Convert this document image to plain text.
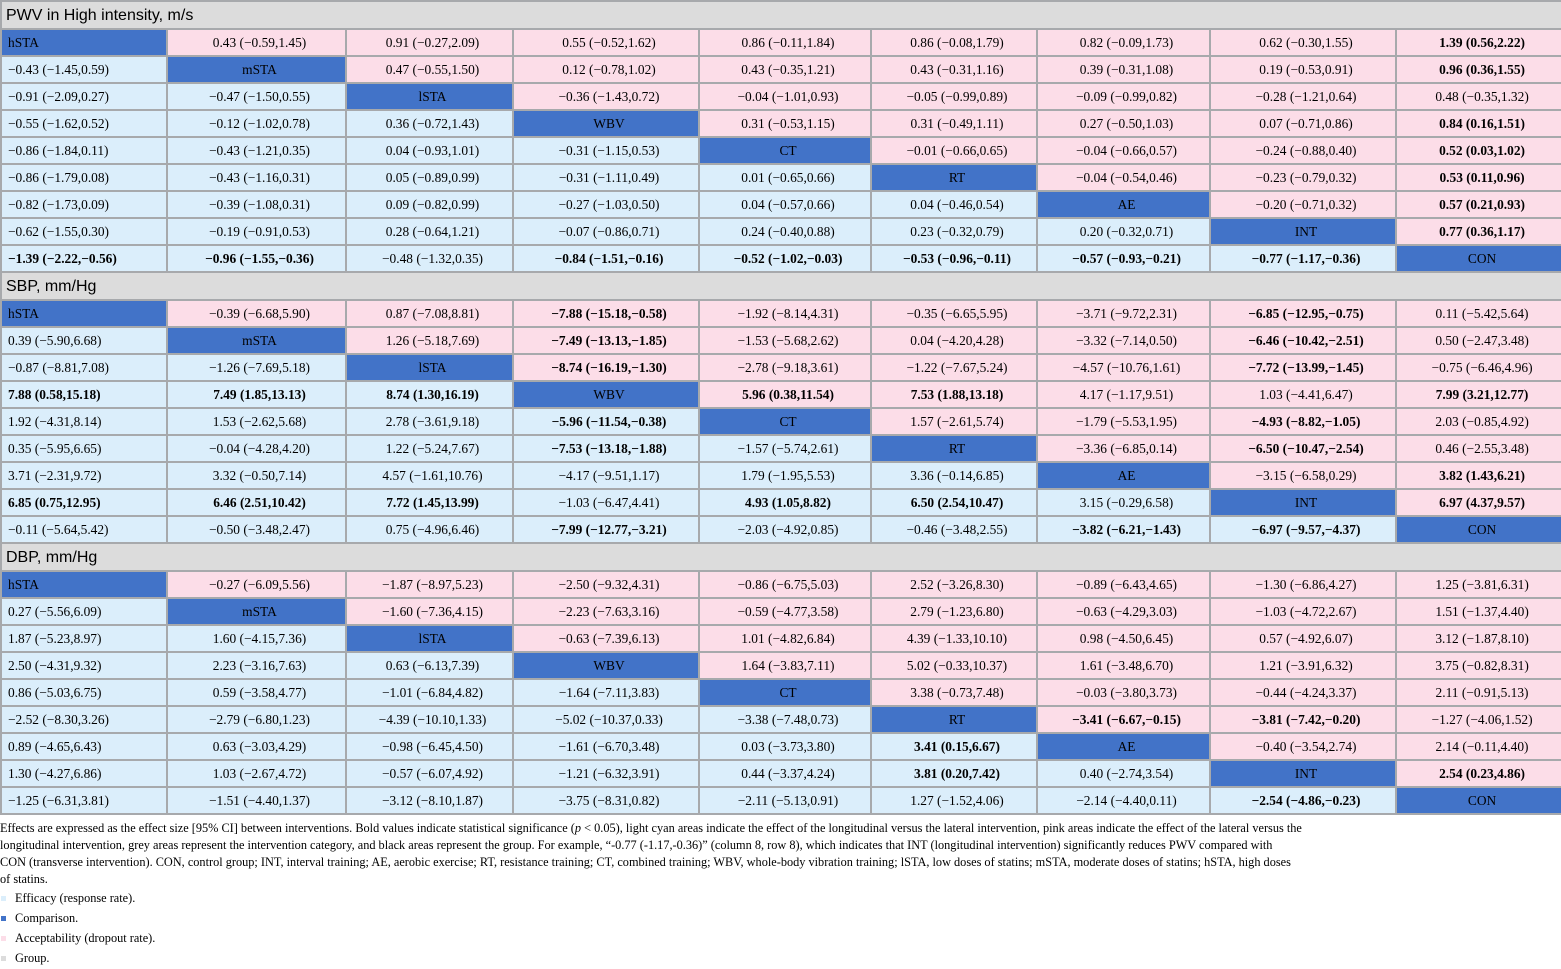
PWV in High intensity, m/s								
hSTA	0.43 (−0.59,1.45)	0.91 (−0.27,2.09)	0.55 (−0.52,1.62)	0.86 (−0.11,1.84)	0.86 (−0.08,1.79)	0.82 (−0.09,1.73)	0.62 (−0.30,1.55)	1.39 (0.56,2.22)
−0.43 (−1.45,0.59)	mSTA	0.47 (−0.55,1.50)	0.12 (−0.78,1.02)	0.43 (−0.35,1.21)	0.43 (−0.31,1.16)	0.39 (−0.31,1.08)	0.19 (−0.53,0.91)	0.96 (0.36,1.55)
−0.91 (−2.09,0.27)	−0.47 (−1.50,0.55)	lSTA	−0.36 (−1.43,0.72)	−0.04 (−1.01,0.93)	−0.05 (−0.99,0.89)	−0.09 (−0.99,0.82)	−0.28 (−1.21,0.64)	0.48 (−0.35,1.32)
−0.55 (−1.62,0.52)	−0.12 (−1.02,0.78)	0.36 (−0.72,1.43)	WBV	0.31 (−0.53,1.15)	0.31 (−0.49,1.11)	0.27 (−0.50,1.03)	0.07 (−0.71,0.86)	0.84 (0.16,1.51)
−0.86 (−1.84,0.11)	−0.43 (−1.21,0.35)	0.04 (−0.93,1.01)	−0.31 (−1.15,0.53)	CT	−0.01 (−0.66,0.65)	−0.04 (−0.66,0.57)	−0.24 (−0.88,0.40)	0.52 (0.03,1.02)
−0.86 (−1.79,0.08)	−0.43 (−1.16,0.31)	0.05 (−0.89,0.99)	−0.31 (−1.11,0.49)	0.01 (−0.65,0.66)	RT	−0.04 (−0.54,0.46)	−0.23 (−0.79,0.32)	0.53 (0.11,0.96)
−0.82 (−1.73,0.09)	−0.39 (−1.08,0.31)	0.09 (−0.82,0.99)	−0.27 (−1.03,0.50)	0.04 (−0.57,0.66)	0.04 (−0.46,0.54)	AE	−0.20 (−0.71,0.32)	0.57 (0.21,0.93)
−0.62 (−1.55,0.30)	−0.19 (−0.91,0.53)	0.28 (−0.64,1.21)	−0.07 (−0.86,0.71)	0.24 (−0.40,0.88)	0.23 (−0.32,0.79)	0.20 (−0.32,0.71)	INT	0.77 (0.36,1.17)
−1.39 (−2.22,−0.56)	−0.96 (−1.55,−0.36)	−0.48 (−1.32,0.35)	−0.84 (−1.51,−0.16)	−0.52 (−1.02,−0.03)	−0.53 (−0.96,−0.11)	−0.57 (−0.93,−0.21)	−0.77 (−1.17,−0.36)	CON
SBP, mm/Hg								
hSTA	−0.39 (−6.68,5.90)	0.87 (−7.08,8.81)	−7.88 (−15.18,−0.58)	−1.92 (−8.14,4.31)	−0.35 (−6.65,5.95)	−3.71 (−9.72,2.31)	−6.85 (−12.95,−0.75)	0.11 (−5.42,5.64)
0.39 (−5.90,6.68)	mSTA	1.26 (−5.18,7.69)	−7.49 (−13.13,−1.85)	−1.53 (−5.68,2.62)	0.04 (−4.20,4.28)	−3.32 (−7.14,0.50)	−6.46 (−10.42,−2.51)	0.50 (−2.47,3.48)
−0.87 (−8.81,7.08)	−1.26 (−7.69,5.18)	lSTA	−8.74 (−16.19,−1.30)	−2.78 (−9.18,3.61)	−1.22 (−7.67,5.24)	−4.57 (−10.76,1.61)	−7.72 (−13.99,−1.45)	−0.75 (−6.46,4.96)
7.88 (0.58,15.18)	7.49 (1.85,13.13)	8.74 (1.30,16.19)	WBV	5.96 (0.38,11.54)	7.53 (1.88,13.18)	4.17 (−1.17,9.51)	1.03 (−4.41,6.47)	7.99 (3.21,12.77)
1.92 (−4.31,8.14)	1.53 (−2.62,5.68)	2.78 (−3.61,9.18)	−5.96 (−11.54,−0.38)	CT	1.57 (−2.61,5.74)	−1.79 (−5.53,1.95)	−4.93 (−8.82,−1.05)	2.03 (−0.85,4.92)
0.35 (−5.95,6.65)	−0.04 (−4.28,4.20)	1.22 (−5.24,7.67)	−7.53 (−13.18,−1.88)	−1.57 (−5.74,2.61)	RT	−3.36 (−6.85,0.14)	−6.50 (−10.47,−2.54)	0.46 (−2.55,3.48)
3.71 (−2.31,9.72)	3.32 (−0.50,7.14)	4.57 (−1.61,10.76)	−4.17 (−9.51,1.17)	1.79 (−1.95,5.53)	3.36 (−0.14,6.85)	AE	−3.15 (−6.58,0.29)	3.82 (1.43,6.21)
6.85 (0.75,12.95)	6.46 (2.51,10.42)	7.72 (1.45,13.99)	−1.03 (−6.47,4.41)	4.93 (1.05,8.82)	6.50 (2.54,10.47)	3.15 (−0.29,6.58)	INT	6.97 (4.37,9.57)
−0.11 (−5.64,5.42)	−0.50 (−3.48,2.47)	0.75 (−4.96,6.46)	−7.99 (−12.77,−3.21)	−2.03 (−4.92,0.85)	−0.46 (−3.48,2.55)	−3.82 (−6.21,−1.43)	−6.97 (−9.57,−4.37)	CON
DBP, mm/Hg								
hSTA	−0.27 (−6.09,5.56)	−1.87 (−8.97,5.23)	−2.50 (−9.32,4.31)	−0.86 (−6.75,5.03)	2.52 (−3.26,8.30)	−0.89 (−6.43,4.65)	−1.30 (−6.86,4.27)	1.25 (−3.81,6.31)
0.27 (−5.56,6.09)	mSTA	−1.60 (−7.36,4.15)	−2.23 (−7.63,3.16)	−0.59 (−4.77,3.58)	2.79 (−1.23,6.80)	−0.63 (−4.29,3.03)	−1.03 (−4.72,2.67)	1.51 (−1.37,4.40)
1.87 (−5.23,8.97)	1.60 (−4.15,7.36)	lSTA	−0.63 (−7.39,6.13)	1.01 (−4.82,6.84)	4.39 (−1.33,10.10)	0.98 (−4.50,6.45)	0.57 (−4.92,6.07)	3.12 (−1.87,8.10)
2.50 (−4.31,9.32)	2.23 (−3.16,7.63)	0.63 (−6.13,7.39)	WBV	1.64 (−3.83,7.11)	5.02 (−0.33,10.37)	1.61 (−3.48,6.70)	1.21 (−3.91,6.32)	3.75 (−0.82,8.31)
0.86 (−5.03,6.75)	0.59 (−3.58,4.77)	−1.01 (−6.84,4.82)	−1.64 (−7.11,3.83)	CT	3.38 (−0.73,7.48)	−0.03 (−3.80,3.73)	−0.44 (−4.24,3.37)	2.11 (−0.91,5.13)
−2.52 (−8.30,3.26)	−2.79 (−6.80,1.23)	−4.39 (−10.10,1.33)	−5.02 (−10.37,0.33)	−3.38 (−7.48,0.73)	RT	−3.41 (−6.67,−0.15)	−3.81 (−7.42,−0.20)	−1.27 (−4.06,1.52)
0.89 (−4.65,6.43)	0.63 (−3.03,4.29)	−0.98 (−6.45,4.50)	−1.61 (−6.70,3.48)	0.03 (−3.73,3.80)	3.41 (0.15,6.67)	AE	−0.40 (−3.54,2.74)	2.14 (−0.11,4.40)
1.30 (−4.27,6.86)	1.03 (−2.67,4.72)	−0.57 (−6.07,4.92)	−1.21 (−6.32,3.91)	0.44 (−3.37,4.24)	3.81 (0.20,7.42)	0.40 (−2.74,3.54)	INT	2.54 (0.23,4.86)
−1.25 (−6.31,3.81)	−1.51 (−4.40,1.37)	−3.12 (−8.10,1.87)	−3.75 (−8.31,0.82)	−2.11 (−5.13,0.91)	1.27 (−1.52,4.06)	−2.14 (−4.40,0.11)	−2.54 (−4.86,−0.23)	CON
Effects are expressed as the effect size [95% CI] between interventions. Bold values indicate statistical significance (p < 0.05), light cyan areas indicate the effect of the longitudinal versus the lateral intervention, pink areas indicate the effect of the lateral versus the
longitudinal intervention, grey areas represent the intervention category, and black areas represent the group. For example, “-0.77 (-1.17,-0.36)” (column 8, row 8), which indicates that INT (longitudinal intervention) significantly reduces PWV compared with
CON (transverse intervention). CON, control group; INT, interval training; AE, aerobic exercise; RT, resistance training; CT, combined training; WBV, whole-body vibration training; lSTA, low doses of statins; mSTA, moderate doses of statins; hSTA, high doses
of statins.
Efficacy (response rate).
Comparison.
Acceptability (dropout rate).
Group.
